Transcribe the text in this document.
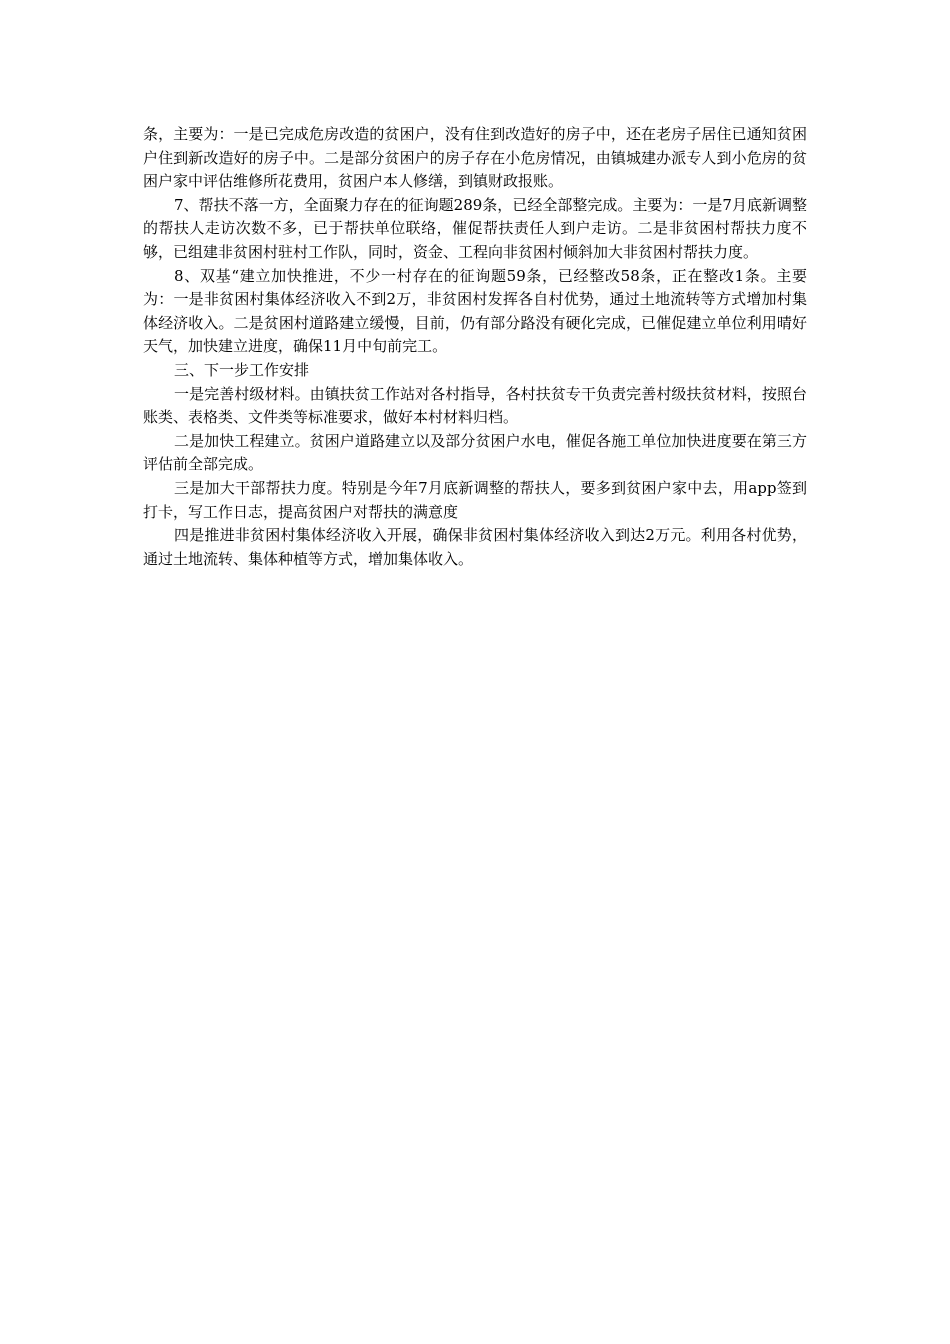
条，主要为：一是已完成危房改造的贫困户，没有住到改造好的房子中，还在老房子居住已通知贫困户住到新改造好的房子中。二是部分贫困户的房子存在小危房情况，由镇城建办派专人到小危房的贫困户家中评估维修所花费用，贫困户本人修缮，到镇财政报账。

7、帮扶不落一方，全面聚力存在的征询题289条，已经全部整完成。主要为：一是7月底新调整的帮扶人走访次数不多，已于帮扶单位联络，催促帮扶责任人到户走访。二是非贫困村帮扶力度不够，已组建非贫困村驻村工作队，同时，资金、工程向非贫困村倾斜加大非贫困村帮扶力度。

8、双基“建立加快推进，不少一村存在的征询题59条，已经整改58条，正在整改1条。主要为：一是非贫困村集体经济收入不到2万，非贫困村发挥各自村优势，通过土地流转等方式增加村集体经济收入。二是贫困村道路建立缓慢，目前，仍有部分路没有硬化完成，已催促建立单位利用晴好天气，加快建立进度，确保11月中旬前完工。

三、下一步工作安排

一是完善村级材料。由镇扶贫工作站对各村指导，各村扶贫专干负责完善村级扶贫材料，按照台账类、表格类、文件类等标准要求，做好本村材料归档。

二是加快工程建立。贫困户道路建立以及部分贫困户水电，催促各施工单位加快进度要在第三方评估前全部完成。

三是加大干部帮扶力度。特别是今年7月底新调整的帮扶人，要多到贫困户家中去，用app签到打卡，写工作日志，提高贫困户对帮扶的满意度

四是推进非贫困村集体经济收入开展，确保非贫困村集体经济收入到达2万元。利用各村优势，通过土地流转、集体种植等方式，增加集体收入。
